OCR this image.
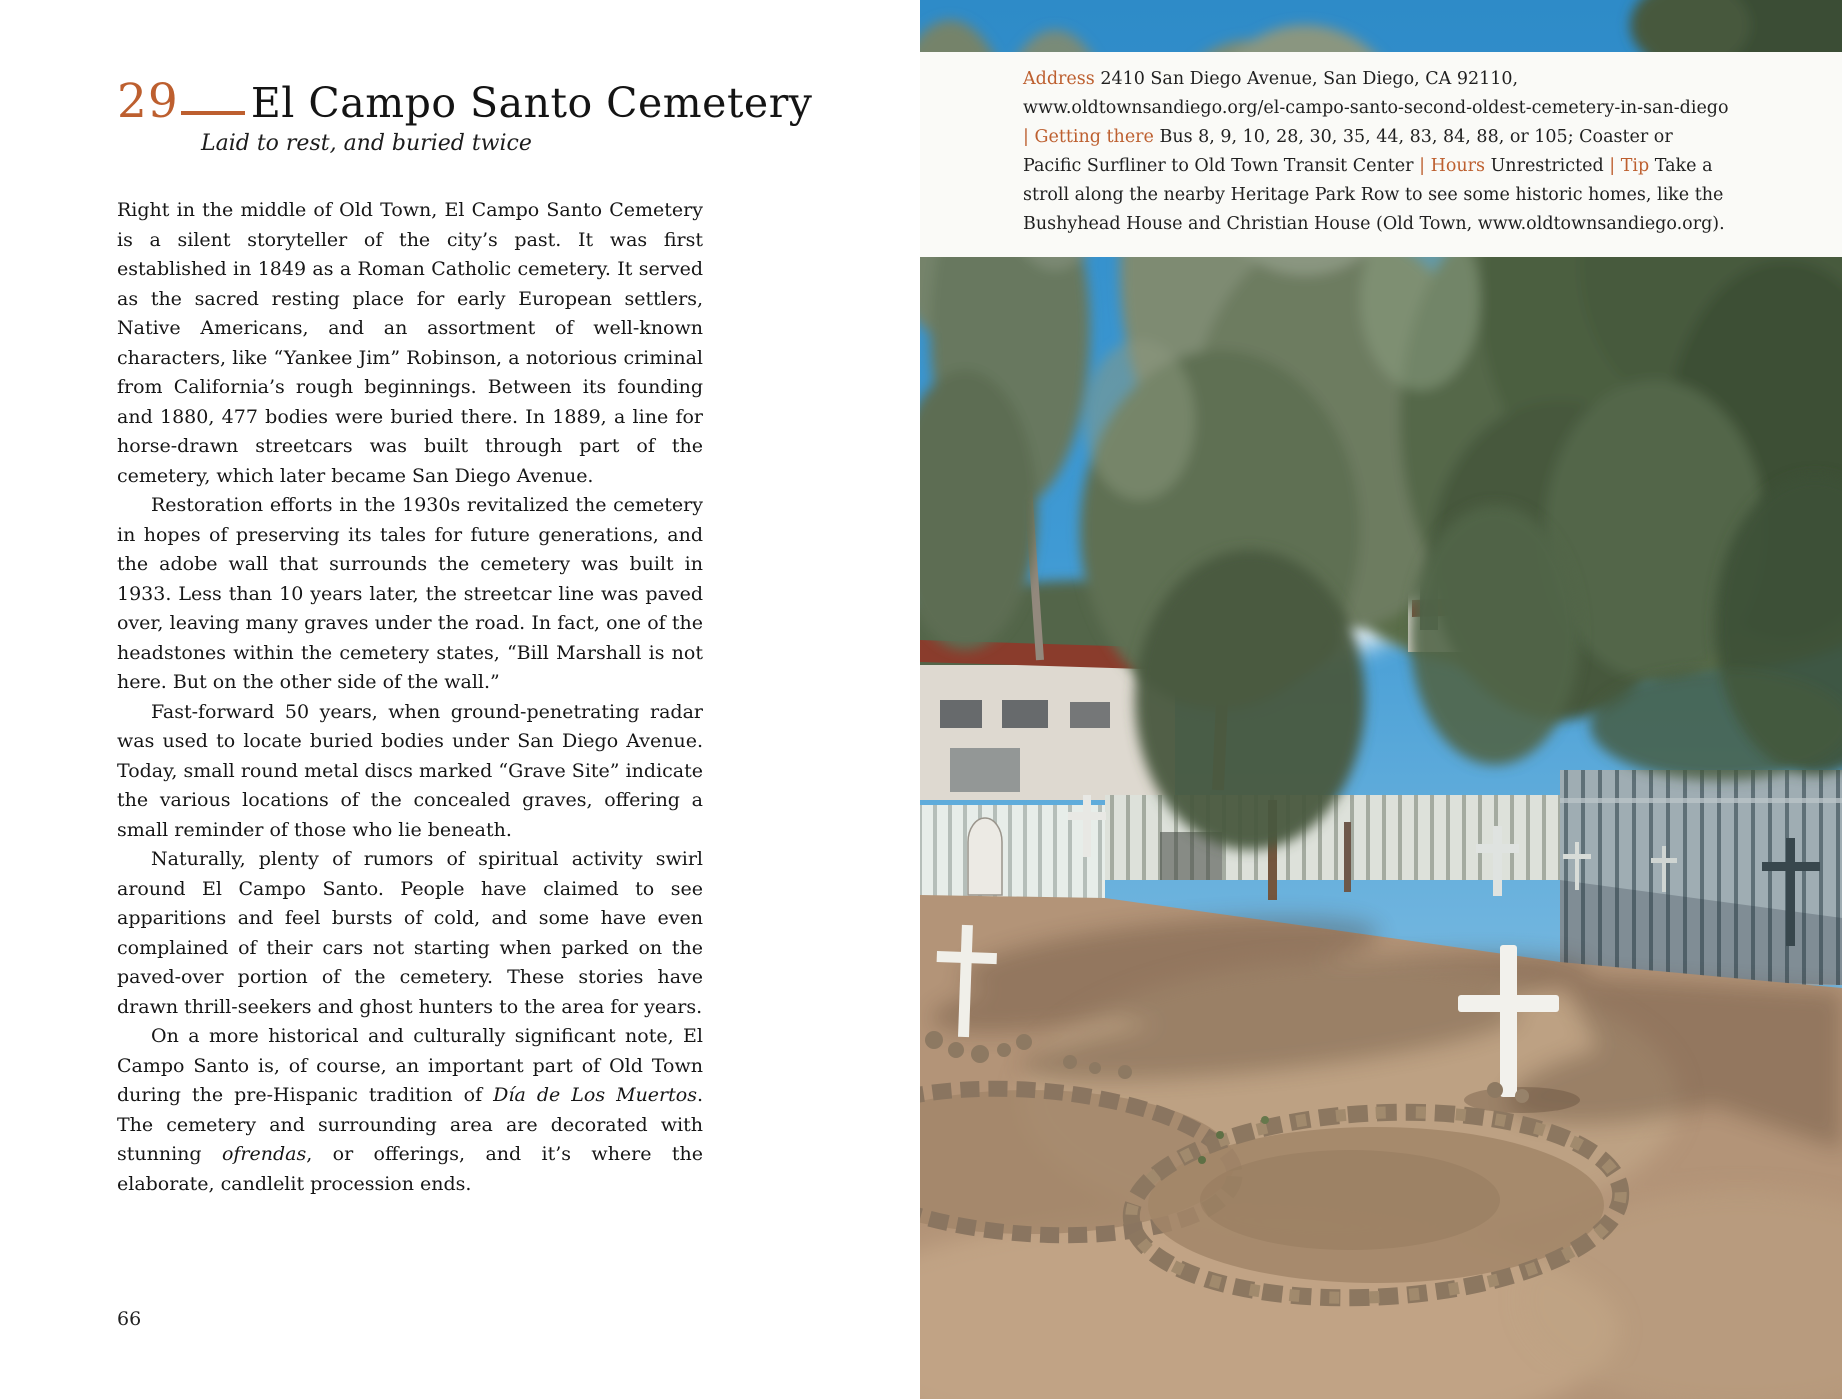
29 El Campo Santo Cemetery
Laid to rest, and buried twice

Right in the middle of Old Town, El Campo Santo Cemetery is a silent storyteller of the city’s past. It was first established in 1849 as a Roman Catholic cemetery. It served as the sacred resting place for early European settlers, Native Americans, and an assortment of well-known characters, like “Yankee Jim” Robinson, a notorious criminal from California’s rough beginnings. Between its founding and 1880, 477 bodies were buried there. In 1889, a line for horse-drawn streetcars was built through part of the cemetery, which later became San Diego Avenue.

Restoration efforts in the 1930s revitalized the cemetery in hopes of preserving its tales for future generations, and the adobe wall that surrounds the cemetery was built in 1933. Less than 10 years later, the streetcar line was paved over, leaving many graves under the road. In fact, one of the headstones within the cemetery states, “Bill Marshall is not here. But on the other side of the wall.”

Fast-forward 50 years, when ground-penetrating radar was used to locate buried bodies under San Diego Avenue. Today, small round metal discs marked “Grave Site” indicate the various locations of the concealed graves, offering a small reminder of those who lie beneath.

Naturally, plenty of rumors of spiritual activity swirl around El Campo Santo. People have claimed to see apparitions and feel bursts of cold, and some have even complained of their cars not starting when parked on the paved-over portion of the cemetery. These stories have drawn thrill-seekers and ghost hunters to the area for years.

On a more historical and culturally significant note, El Campo Santo is, of course, an important part of Old Town during the pre-Hispanic tradition of Día de Los Muertos. The cemetery and surrounding area are decorated with stunning ofrendas, or offerings, and it’s where the elaborate, candlelit procession ends.

66
Address 2410 San Diego Avenue, San Diego, CA 92110, www.oldtownsandiego.org/el-campo-santo-second-oldest-cemetery-in-san-diego | Getting there Bus 8, 9, 10, 28, 30, 35, 44, 83, 84, 88, or 105; Coaster or Pacific Surfliner to Old Town Transit Center | Hours Unrestricted | Tip Take a stroll along the nearby Heritage Park Row to see some historic homes, like the Bushyhead House and Christian House (Old Town, www.oldtownsandiego.org).
